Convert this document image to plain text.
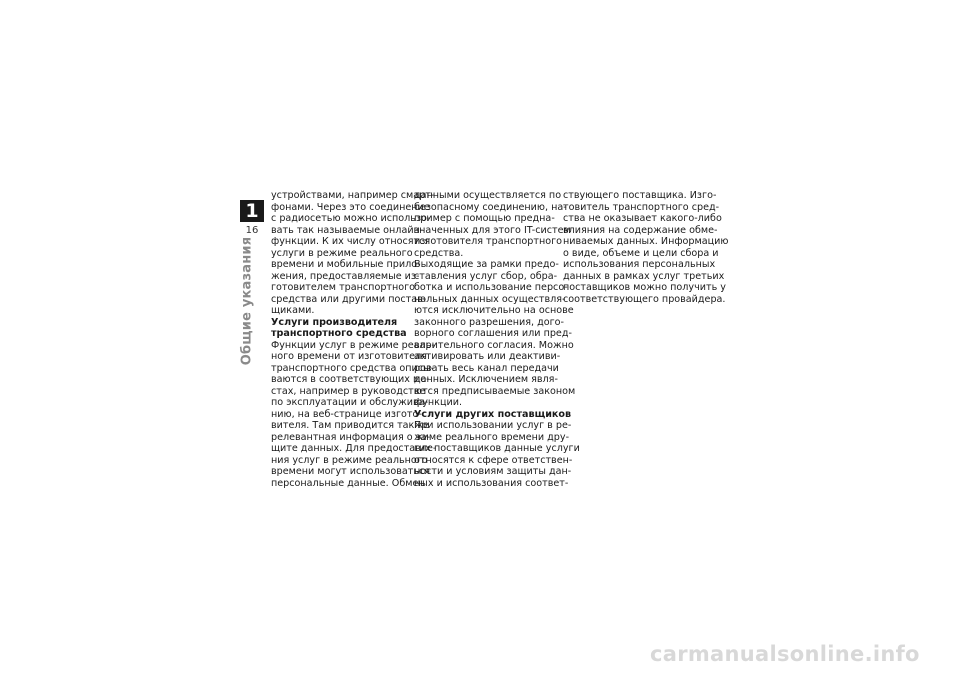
1
16
Общие указания

устройствами, например смарт-

фонами. Через это соединение

с радиосетью можно использо-

вать так называемые онлайн-

функции. К их числу относятся

услуги в режиме реального

времени и мобильные прило-

жения, предоставляемые из-

готовителем транспортного

средства или другими постав-

щиками.

Услуги производителя

транспортного средства

Функции услуг в режиме реаль-

ного времени от изготовителя

транспортного средства описы-

ваются в соответствующих ме-

стах, например в руководстве

по эксплуатации и обслужива-

нию, на веб-странице изгото-

вителя. Там приводится также

релевантная информация о за-

щите данных. Для предоставле-

ния услуг в режиме реального

времени могут использоваться

персональные данные. Обмен

данными осуществляется по

безопасному соединению, на-

пример с помощью предна-

значенных для этого IT-систем

изготовителя транспортного

средства.

Выходящие за рамки предо-

ставления услуг сбор, обра-

ботка и использование персо-

нальных данных осуществля-

ются исключительно на основе

законного разрешения, дого-

ворного соглашения или пред-

варительного согласия. Можно

активировать или деактиви-

ровать весь канал передачи

данных. Исключением явля-

ются предписываемые законом

функции.

Услуги других поставщиков

При использовании услуг в ре-

жиме реального времени дру-

гих поставщиков данные услуги

относятся к сфере ответствен-

ности и условиям защиты дан-

ных и использования соответ-

ствующего поставщика. Изго-

товитель транспортного сред-

ства не оказывает какого-либо

влияния на содержание обме-

ниваемых данных. Информацию

о виде, объеме и цели сбора и

использования персональных

данных в рамках услуг третьих

поставщиков можно получить у

соответствующего провайдера.

carmanualsonline.info
